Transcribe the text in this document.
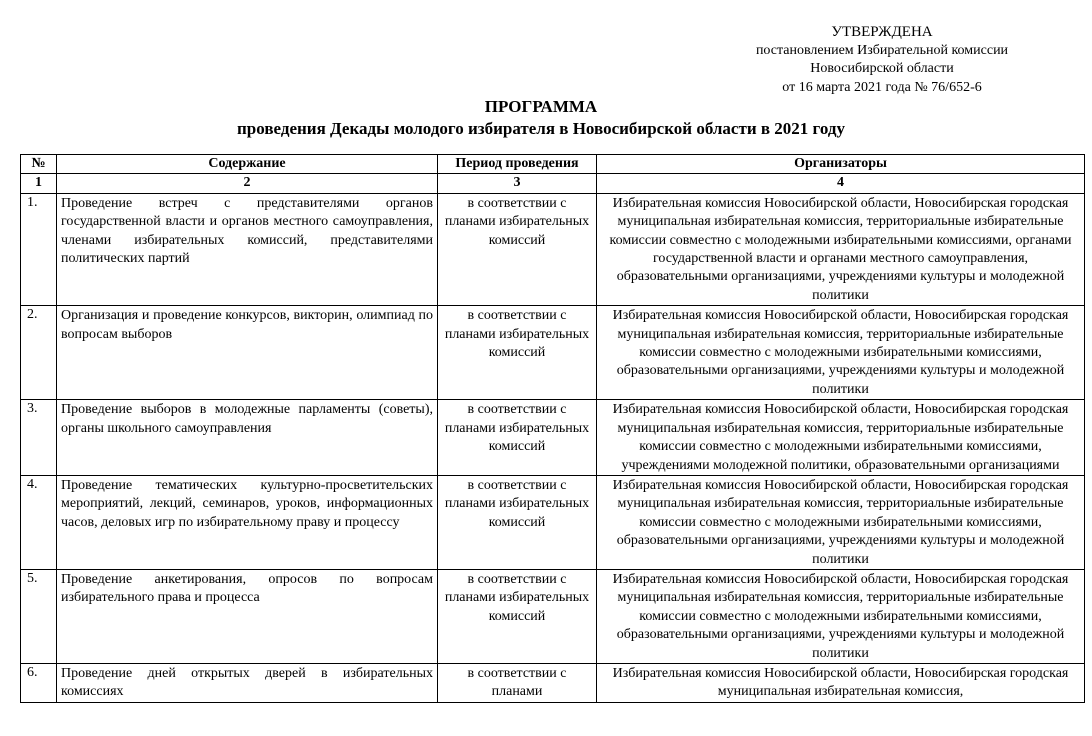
УТВЕРЖДЕНА
постановлением Избирательной комиссии
Новосибирской области
от 16 марта 2021 года № 76/652-6
ПРОГРАММА
проведения Декады молодого избирателя в Новосибирской области в 2021 году
№	Содержание	Период проведения	Организаторы
1	2	3	4
1.	Проведение встреч с представителями органов государственной власти и органов местного самоуправления, членами избирательных комиссий, представителями политических партий	в соответствии с планами избирательных комиссий	Избирательная комиссия Новосибирской области, Новосибирская городская муниципальная избирательная комиссия, территориальные избирательные комиссии совместно с молодежными избирательными комиссиями, органами государственной власти и органами местного самоуправления, образовательными организациями, учреждениями культуры и молодежной политики
2.	Организация и проведение конкурсов, викторин, олимпиад по вопросам выборов	в соответствии с планами избирательных комиссий	Избирательная комиссия Новосибирской области, Новосибирская городская муниципальная избирательная комиссия, территориальные избирательные комиссии совместно с молодежными избирательными комиссиями, образовательными организациями, учреждениями культуры и молодежной политики
3.	Проведение выборов в молодежные парламенты (советы), органы школьного самоуправления	в соответствии с планами избирательных комиссий	Избирательная комиссия Новосибирской области, Новосибирская городская муниципальная избирательная комиссия, территориальные избирательные комиссии совместно с молодежными избирательными комиссиями, учреждениями молодежной политики, образовательными организациями
4.	Проведение тематических культурно-просветительских мероприятий, лекций, семинаров, уроков, информационных часов, деловых игр по избирательному праву и процессу	в соответствии с планами избирательных комиссий	Избирательная комиссия Новосибирской области, Новосибирская городская муниципальная избирательная комиссия, территориальные избирательные комиссии совместно с молодежными избирательными комиссиями, образовательными организациями, учреждениями культуры и молодежной политики
5.	Проведение анкетирования, опросов по вопросам избирательного права и процесса	в соответствии с планами избирательных комиссий	Избирательная комиссия Новосибирской области, Новосибирская городская муниципальная избирательная комиссия, территориальные избирательные комиссии совместно с молодежными избирательными комиссиями, образовательными организациями, учреждениями культуры и молодежной политики
6.	Проведение дней открытых дверей в избирательных комиссиях	в соответствии с планами	Избирательная комиссия Новосибирской области, Новосибирская городская муниципальная избирательная комиссия,
